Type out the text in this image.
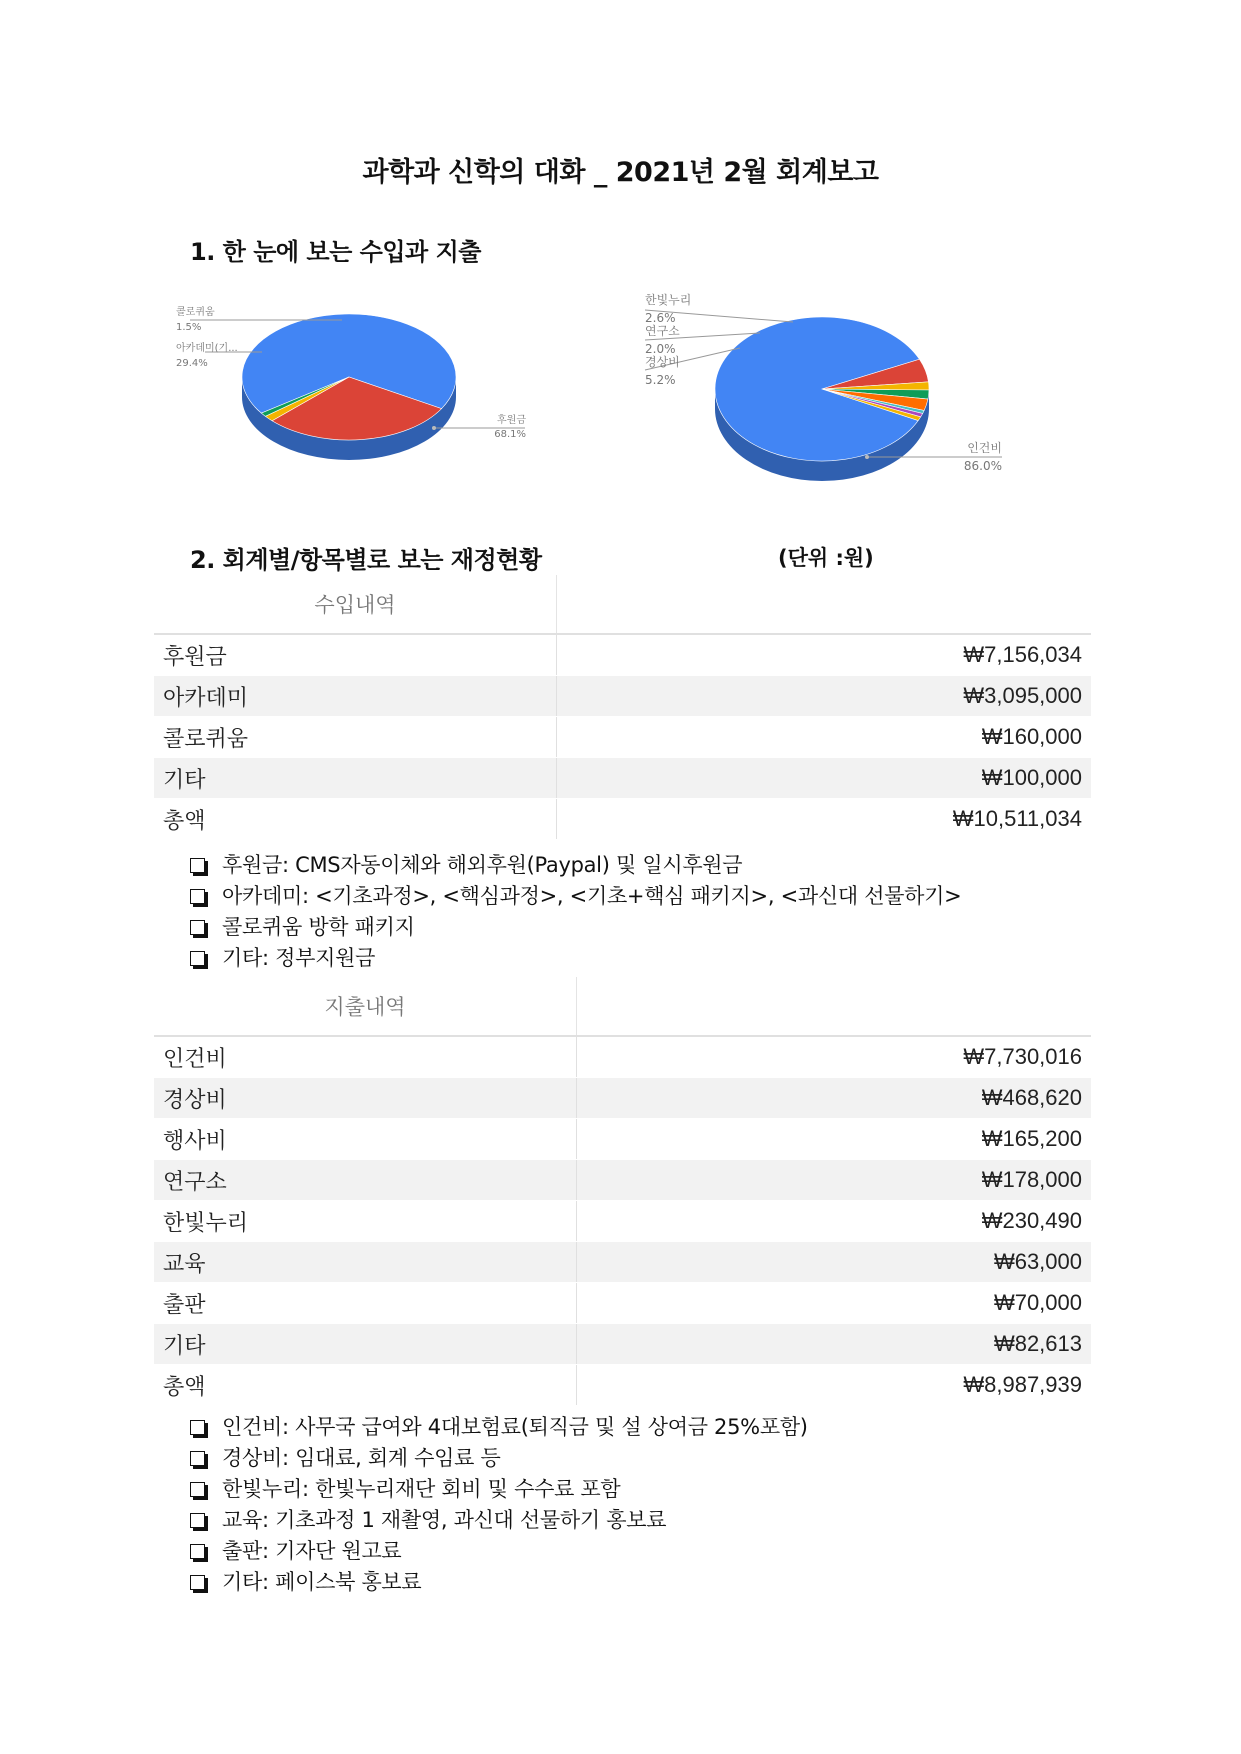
과학과 신학의 대화 _ 2021년 2월 회계보고
1. 한 눈에 보는 수입과 지출
콜로퀴움
1.5%
아카데미(기...
29.4%
후원금
68.1%
한빛누리
2.6%
연구소
2.0%
경상비
5.2%
인건비
86.0%
2. 회계별/항목별로 보는 재정현황	(단위 :원)
수입내역	
후원금	₩7,156,034
아카데미	₩3,095,000
콜로퀴움	₩160,000
기타	₩100,000
총액	₩10,511,034
후원금: CMS자동이체와 해외후원(Paypal) 및 일시후원금
아카데미: <기초과정>, <핵심과정>, <기초+핵심 패키지>, <과신대 선물하기>
콜로퀴움 방학 패키지
기타: 정부지원금
지출내역	
인건비	₩7,730,016
경상비	₩468,620
행사비	₩165,200
연구소	₩178,000
한빛누리	₩230,490
교육	₩63,000
출판	₩70,000
기타	₩82,613
총액	₩8,987,939
인건비: 사무국 급여와 4대보험료(퇴직금 및 설 상여금 25%포함)
경상비: 임대료, 회계 수임료 등
한빛누리: 한빛누리재단 회비 및 수수료 포함
교육: 기초과정 1 재촬영, 과신대 선물하기 홍보료
출판: 기자단 원고료
기타: 페이스북 홍보료
